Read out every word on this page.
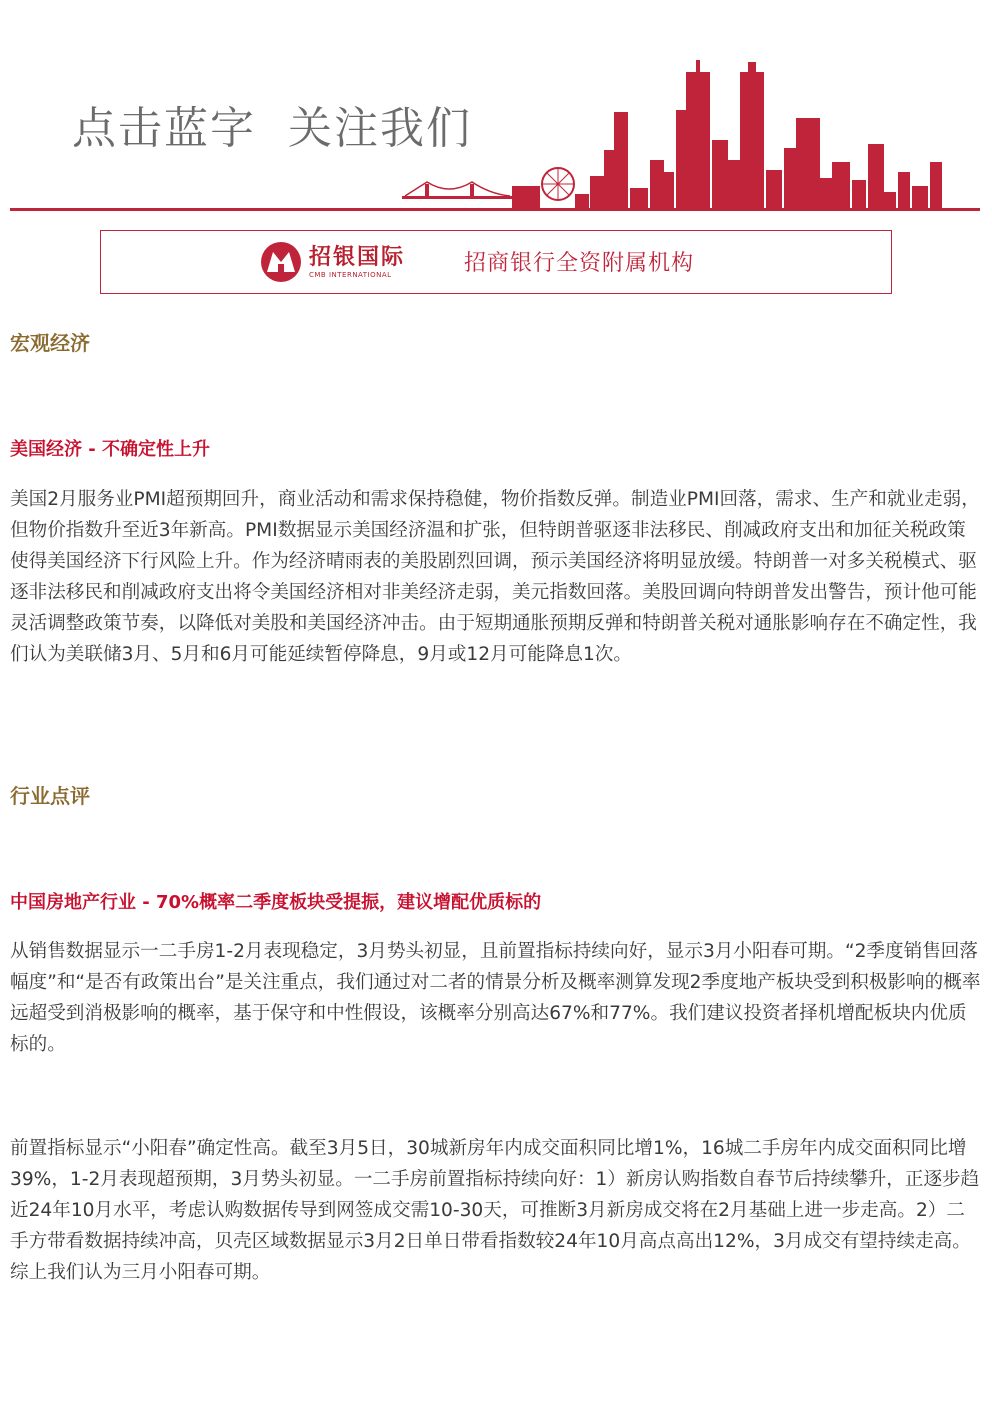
点击蓝字  关注我们
招银国际
CMB INTERNATIONAL	招商银行全资附属机构
宏观经济
美国经济 - 不确定性上升

美国2月服务业PMI超预期回升，商业活动和需求保持稳健，物价指数反弹。制造业PMI回落，需求、生产和就业走弱，但物价指数升至近3年新高。PMI数据显示美国经济温和扩张，但特朗普驱逐非法移民、削减政府支出和加征关税政策使得美国经济下行风险上升。作为经济晴雨表的美股剧烈回调，预示美国经济将明显放缓。特朗普一对多关税模式、驱逐非法移民和削减政府支出将令美国经济相对非美经济走弱，美元指数回落。美股回调向特朗普发出警告，预计他可能灵活调整政策节奏，以降低对美股和美国经济冲击。由于短期通胀预期反弹和特朗普关税对通胀影响存在不确定性，我们认为美联储3月、5月和6月可能延续暂停降息，9月或12月可能降息1次。

行业点评
中国房地产行业 - 70%概率二季度板块受提振，建议增配优质标的

从销售数据显示一二手房1-2月表现稳定，3月势头初显，且前置指标持续向好，显示3月小阳春可期。“2季度销售回落幅度”和“是否有政策出台”是关注重点，我们通过对二者的情景分析及概率测算发现2季度地产板块受到积极影响的概率远超受到消极影响的概率，基于保守和中性假设，该概率分别高达67%和77%。我们建议投资者择机增配板块内优质标的。

前置指标显示“小阳春”确定性高。截至3月5日，30城新房年内成交面积同比增1%，16城二手房年内成交面积同比增39%，1-2月表现超预期，3月势头初显。一二手房前置指标持续向好：1）新房认购指数自春节后持续攀升，正逐步趋近24年10月水平，考虑认购数据传导到网签成交需10-30天，可推断3月新房成交将在2月基础上进一步走高。2）二手方带看数据持续冲高，贝壳区域数据显示3月2日单日带看指数较24年10月高点高出12%，3月成交有望持续走高。综上我们认为三月小阳春可期。
